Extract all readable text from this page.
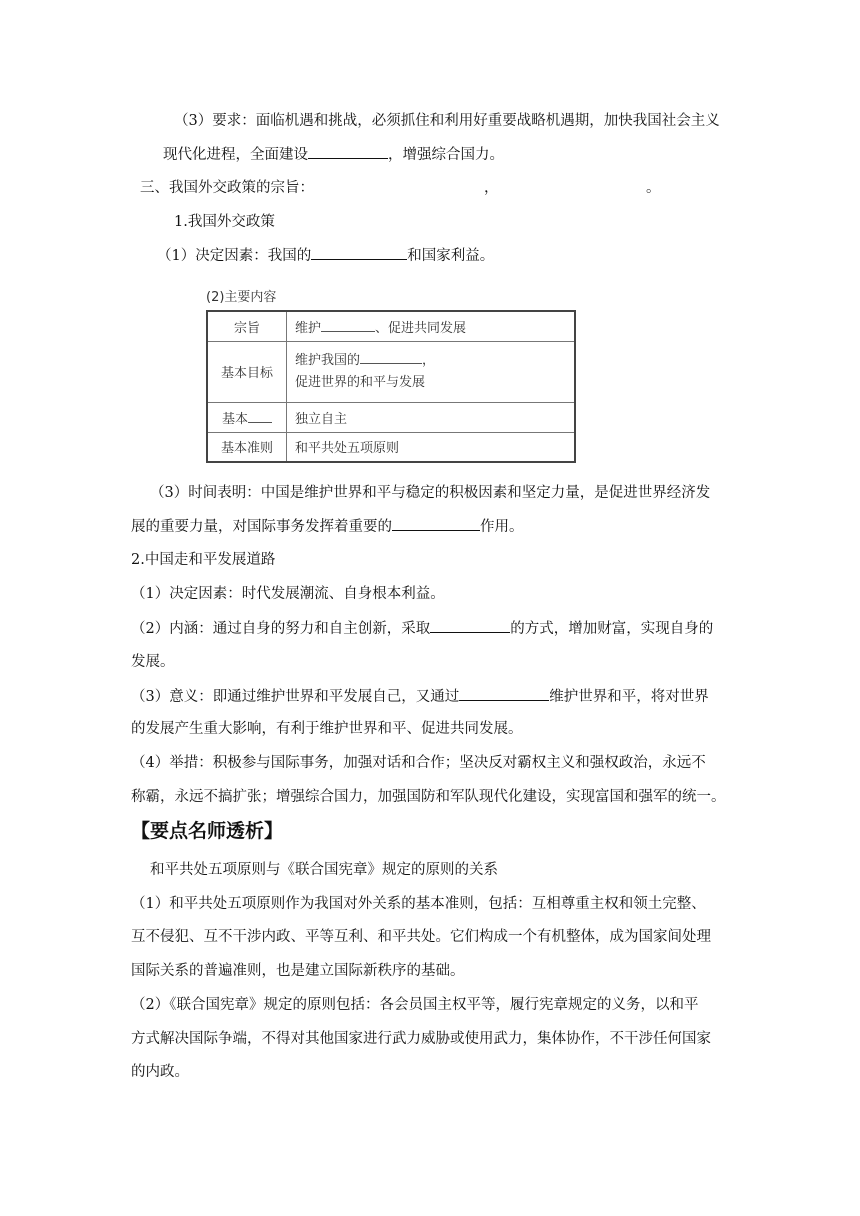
（3）要求：面临机遇和挑战，必须抓住和利用好重要战略机遇期，加快我国社会主义
现代化进程，全面建设	，增强综合国力。
三、我国外交政策的宗旨：	，	。
1.我国外交政策
（1）决定因素：我国的	和国家利益。
(2)主要内容
宗旨	维护 、促进共同发展
基本目标	维护我国的 ，
促进世界的和平与发展
基本	独立自主
基本准则	和平共处五项原则
（3）时间表明：中国是维护世界和平与稳定的积极因素和坚定力量，是促进世界经济发
展的重要力量，对国际事务发挥着重要的	作用。
2.中国走和平发展道路
（1）决定因素：时代发展潮流、自身根本利益。
（2）内涵：通过自身的努力和自主创新，采取	的方式，增加财富，实现自身的
发展。
（3）意义：即通过维护世界和平发展自己，又通过	维护世界和平，将对世界
的发展产生重大影响，有利于维护世界和平、促进共同发展。
（4）举措：积极参与国际事务，加强对话和合作；坚决反对霸权主义和强权政治，永远不
称霸，永远不搞扩张；增强综合国力，加强国防和军队现代化建设，实现富国和强军的统一。
【要点名师透析】
和平共处五项原则与《联合国宪章》规定的原则的关系
（1）和平共处五项原则作为我国对外关系的基本准则，包括：互相尊重主权和领土完整、
互不侵犯、互不干涉内政、平等互利、和平共处。它们构成一个有机整体，成为国家间处理
国际关系的普遍准则，也是建立国际新秩序的基础。
（2）《联合国宪章》规定的原则包括：各会员国主权平等，履行宪章规定的义务，以和平
方式解决国际争端，不得对其他国家进行武力威胁或使用武力，集体协作，不干涉任何国家
的内政。
